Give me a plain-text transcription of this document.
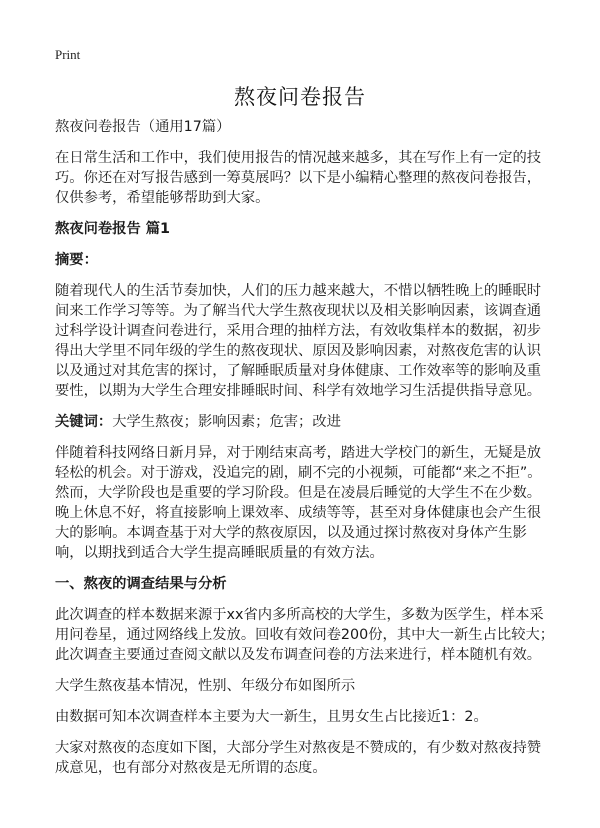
Print
熬夜问卷报告

熬夜问卷报告（通用17篇）

在日常生活和工作中，我们使用报告的情况越来越多，其在写作上有一定的技巧。你还在对写报告感到一筹莫展吗？以下是小编精心整理的熬夜问卷报告，仅供参考，希望能够帮助到大家。

熬夜问卷报告 篇1

摘要：

随着现代人的生活节奏加快，人们的压力越来越大，不惜以牺牲晚上的睡眠时间来工作学习等等。为了解当代大学生熬夜现状以及相关影响因素，该调查通过科学设计调查问卷进行，采用合理的抽样方法，有效收集样本的数据，初步得出大学里不同年级的学生的熬夜现状、原因及影响因素，对熬夜危害的认识以及通过对其危害的探讨，了解睡眠质量对身体健康、工作效率等的影响及重要性，以期为大学生合理安排睡眠时间、科学有效地学习生活提供指导意见。

关键词：大学生熬夜；影响因素；危害；改进

伴随着科技网络日新月异，对于刚结束高考，踏进大学校门的新生，无疑是放轻松的机会。对于游戏，没追完的剧，刷不完的小视频，可能都“来之不拒”。然而，大学阶段也是重要的学习阶段。但是在凌晨后睡觉的大学生不在少数。晚上休息不好，将直接影响上课效率、成绩等等，甚至对身体健康也会产生很大的影响。本调查基于对大学的熬夜原因，以及通过探讨熬夜对身体产生影响，以期找到适合大学生提高睡眠质量的有效方法。

一、熬夜的调查结果与分析

此次调查的样本数据来源于xx省内多所高校的大学生，多数为医学生，样本采用问卷星，通过网络线上发放。回收有效问卷200份，其中大一新生占比较大；此次调查主要通过查阅文献以及发布调查问卷的方法来进行，样本随机有效。

大学生熬夜基本情况，性别、年级分布如图所示

由数据可知本次调查样本主要为大一新生，且男女生占比接近1：2。

大家对熬夜的态度如下图，大部分学生对熬夜是不赞成的，有少数对熬夜持赞成意见，也有部分对熬夜是无所谓的态度。
